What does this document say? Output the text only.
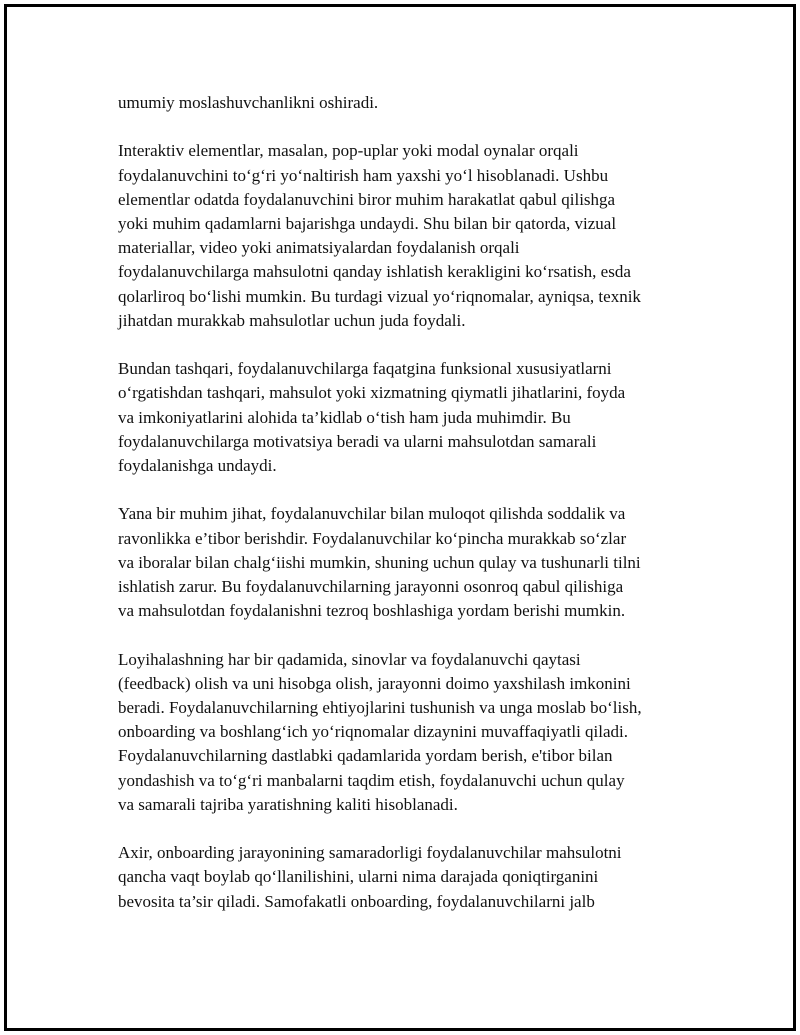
umumiy moslashuvchanlikni oshiradi.
Interaktiv elementlar, masalan, pop-uplar yoki modal oynalar orqali
foydalanuvchini to‘g‘ri yo‘naltirish ham yaxshi yo‘l hisoblanadi. Ushbu
elementlar odatda foydalanuvchini biror muhim harakatlat qabul qilishga
yoki muhim qadamlarni bajarishga undaydi. Shu bilan bir qatorda, vizual
materiallar, video yoki animatsiyalardan foydalanish orqali
foydalanuvchilarga mahsulotni qanday ishlatish kerakligini ko‘rsatish, esda
qolarliroq bo‘lishi mumkin. Bu turdagi vizual yo‘riqnomalar, ayniqsa, texnik
jihatdan murakkab mahsulotlar uchun juda foydali.
Bundan tashqari, foydalanuvchilarga faqatgina funksional xususiyatlarni
o‘rgatishdan tashqari, mahsulot yoki xizmatning qiymatli jihatlarini, foyda
va imkoniyatlarini alohida ta’kidlab o‘tish ham juda muhimdir. Bu
foydalanuvchilarga motivatsiya beradi va ularni mahsulotdan samarali
foydalanishga undaydi.
Yana bir muhim jihat, foydalanuvchilar bilan muloqot qilishda soddalik va
ravonlikka e’tibor berishdir. Foydalanuvchilar ko‘pincha murakkab so‘zlar
va iboralar bilan chalg‘iishi mumkin, shuning uchun qulay va tushunarli tilni
ishlatish zarur. Bu foydalanuvchilarning jarayonni osonroq qabul qilishiga
va mahsulotdan foydalanishni tezroq boshlashiga yordam berishi mumkin.
Loyihalashning har bir qadamida, sinovlar va foydalanuvchi qaytasi
(feedback) olish va uni hisobga olish, jarayonni doimo yaxshilash imkonini
beradi. Foydalanuvchilarning ehtiyojlarini tushunish va unga moslab bo‘lish,
onboarding va boshlang‘ich yo‘riqnomalar dizaynini muvaffaqiyatli qiladi.
Foydalanuvchilarning dastlabki qadamlarida yordam berish, e'tibor bilan
yondashish va to‘g‘ri manbalarni taqdim etish, foydalanuvchi uchun qulay
va samarali tajriba yaratishning kaliti hisoblanadi.
Axir, onboarding jarayonining samaradorligi foydalanuvchilar mahsulotni
qancha vaqt boylab qo‘llanilishini, ularni nima darajada qoniqtirganini
bevosita ta’sir qiladi. Samofakatli onboarding, foydalanuvchilarni jalb
